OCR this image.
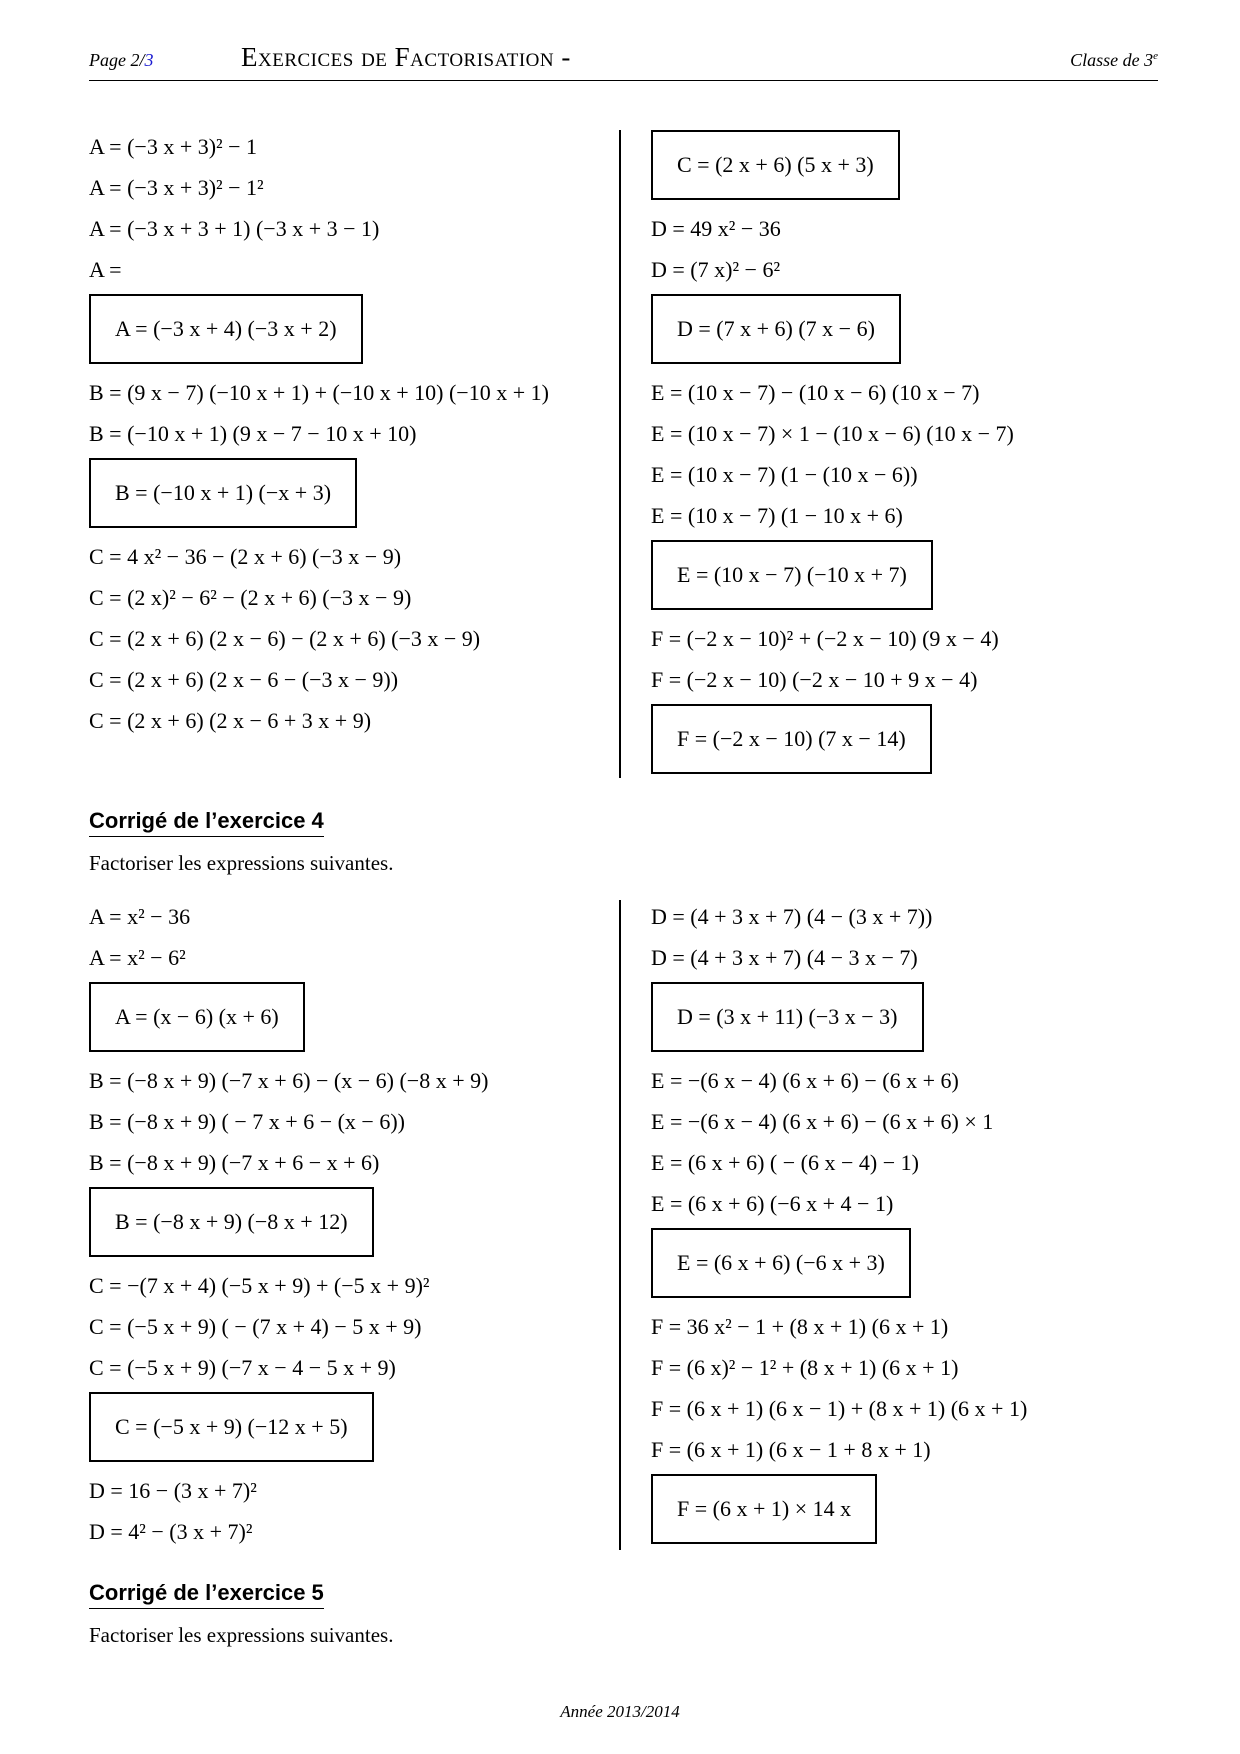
Page 2/3	Exercices de Factorisation -	Classe de 3e
A = (−3 x + 3)² − 1
A = (−3 x + 3)² − 1²
A = (−3 x + 3 + 1) (−3 x + 3 − 1)
A =
A = (−3 x + 4) (−3 x + 2)
B = (9 x − 7) (−10 x + 1) + (−10 x + 10) (−10 x + 1)
B = (−10 x + 1) (9 x − 7 − 10 x + 10)
B = (−10 x + 1) (−x + 3)
C = 4 x² − 36 − (2 x + 6) (−3 x − 9)
C = (2 x)² − 6² − (2 x + 6) (−3 x − 9)
C = (2 x + 6) (2 x − 6) − (2 x + 6) (−3 x − 9)
C = (2 x + 6) (2 x − 6 − (−3 x − 9))
C = (2 x + 6) (2 x − 6 + 3 x + 9)
C = (2 x + 6) (5 x + 3)
D = 49 x² − 36
D = (7 x)² − 6²
D = (7 x + 6) (7 x − 6)
E = (10 x − 7) − (10 x − 6) (10 x − 7)
E = (10 x − 7) × 1 − (10 x − 6) (10 x − 7)
E = (10 x − 7) (1 − (10 x − 6))
E = (10 x − 7) (1 − 10 x + 6)
E = (10 x − 7) (−10 x + 7)
F = (−2 x − 10)² + (−2 x − 10) (9 x − 4)
F = (−2 x − 10) (−2 x − 10 + 9 x − 4)
F = (−2 x − 10) (7 x − 14)
Corrigé de l’exercice 4
Factoriser les expressions suivantes.
A = x² − 36
A = x² − 6²
A = (x − 6) (x + 6)
B = (−8 x + 9) (−7 x + 6) − (x − 6) (−8 x + 9)
B = (−8 x + 9) ( − 7 x + 6 − (x − 6))
B = (−8 x + 9) (−7 x + 6 − x + 6)
B = (−8 x + 9) (−8 x + 12)
C = −(7 x + 4) (−5 x + 9) + (−5 x + 9)²
C = (−5 x + 9) ( − (7 x + 4) − 5 x + 9)
C = (−5 x + 9) (−7 x − 4 − 5 x + 9)
C = (−5 x + 9) (−12 x + 5)
D = 16 − (3 x + 7)²
D = 4² − (3 x + 7)²
D = (4 + 3 x + 7) (4 − (3 x + 7))
D = (4 + 3 x + 7) (4 − 3 x − 7)
D = (3 x + 11) (−3 x − 3)
E = −(6 x − 4) (6 x + 6) − (6 x + 6)
E = −(6 x − 4) (6 x + 6) − (6 x + 6) × 1
E = (6 x + 6) ( − (6 x − 4) − 1)
E = (6 x + 6) (−6 x + 4 − 1)
E = (6 x + 6) (−6 x + 3)
F = 36 x² − 1 + (8 x + 1) (6 x + 1)
F = (6 x)² − 1² + (8 x + 1) (6 x + 1)
F = (6 x + 1) (6 x − 1) + (8 x + 1) (6 x + 1)
F = (6 x + 1) (6 x − 1 + 8 x + 1)
F = (6 x + 1) × 14 x
Corrigé de l’exercice 5
Factoriser les expressions suivantes.
Année 2013/2014
